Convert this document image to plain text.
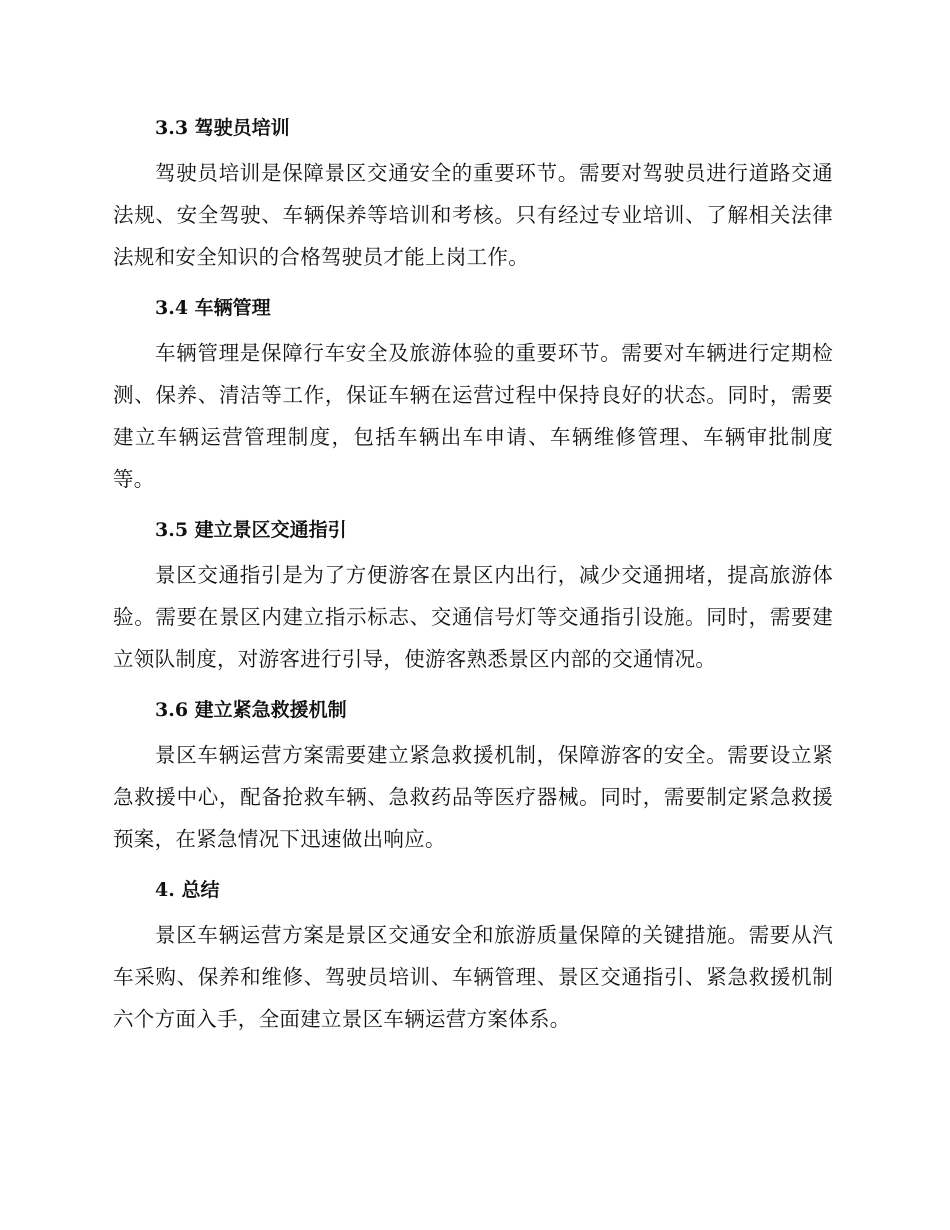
3.3 驾驶员培训

驾驶员培训是保障景区交通安全的重要环节。需要对驾驶员进行道路交通法规、安全驾驶、车辆保养等培训和考核。只有经过专业培训、了解相关法律法规和安全知识的合格驾驶员才能上岗工作。

3.4 车辆管理

车辆管理是保障行车安全及旅游体验的重要环节。需要对车辆进行定期检测、保养、清洁等工作，保证车辆在运营过程中保持良好的状态。同时，需要建立车辆运营管理制度，包括车辆出车申请、车辆维修管理、车辆审批制度等。

3.5 建立景区交通指引

景区交通指引是为了方便游客在景区内出行，减少交通拥堵，提高旅游体验。需要在景区内建立指示标志、交通信号灯等交通指引设施。同时，需要建立领队制度，对游客进行引导，使游客熟悉景区内部的交通情况。

3.6 建立紧急救援机制

景区车辆运营方案需要建立紧急救援机制，保障游客的安全。需要设立紧急救援中心，配备抢救车辆、急救药品等医疗器械。同时，需要制定紧急救援预案，在紧急情况下迅速做出响应。

4. 总结

景区车辆运营方案是景区交通安全和旅游质量保障的关键措施。需要从汽车采购、保养和维修、驾驶员培训、车辆管理、景区交通指引、紧急救援机制六个方面入手，全面建立景区车辆运营方案体系。
